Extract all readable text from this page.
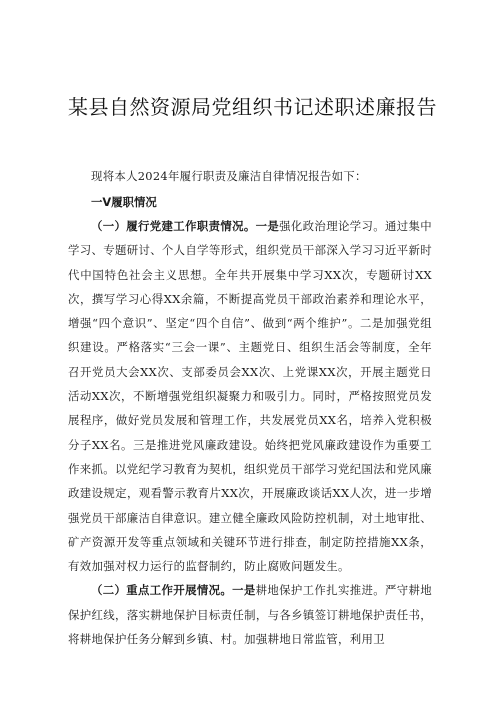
某县自然资源局党组织书记述职述廉报告

现将本人2024年履行职责及廉洁自律情况报告如下：

一V履职情况

（一）履行党建工作职责情况。一是强化政治理论学习。通过集中学习、专题研讨、个人自学等形式，组织党员干部深入学习习近平新时代中国特色社会主义思想。全年共开展集中学习XX次，专题研讨XX次，撰写学习心得XX余篇，不断提高党员干部政治素养和理论水平，增强“四个意识”、坚定“四个自信”、做到“两个维护”。二是加强党组织建设。严格落实“三会一课”、主题党日、组织生活会等制度，全年召开党员大会XX次、支部委员会XX次、上党课XX次，开展主题党日活动XX次，不断增强党组织凝聚力和吸引力。同时，严格按照党员发展程序，做好党员发展和管理工作，共发展党员XX名，培养入党积极分子XX名。三是推进党风廉政建设。始终把党风廉政建设作为重要工作来抓。以党纪学习教育为契机，组织党员干部学习党纪国法和党风廉政建设规定，观看警示教育片XX次，开展廉政谈话XX人次，进一步增强党员干部廉洁自律意识。建立健全廉政风险防控机制，对土地审批、矿产资源开发等重点领域和关键环节进行排查，制定防控措施XX条，有效加强对权力运行的监督制约，防止腐败问题发生。

（二）重点工作开展情况。一是耕地保护工作扎实推进。严守耕地保护红线，落实耕地保护目标责任制，与各乡镇签订耕地保护责任书，将耕地保护任务分解到乡镇、村。加强耕地日常监管，利用卫
